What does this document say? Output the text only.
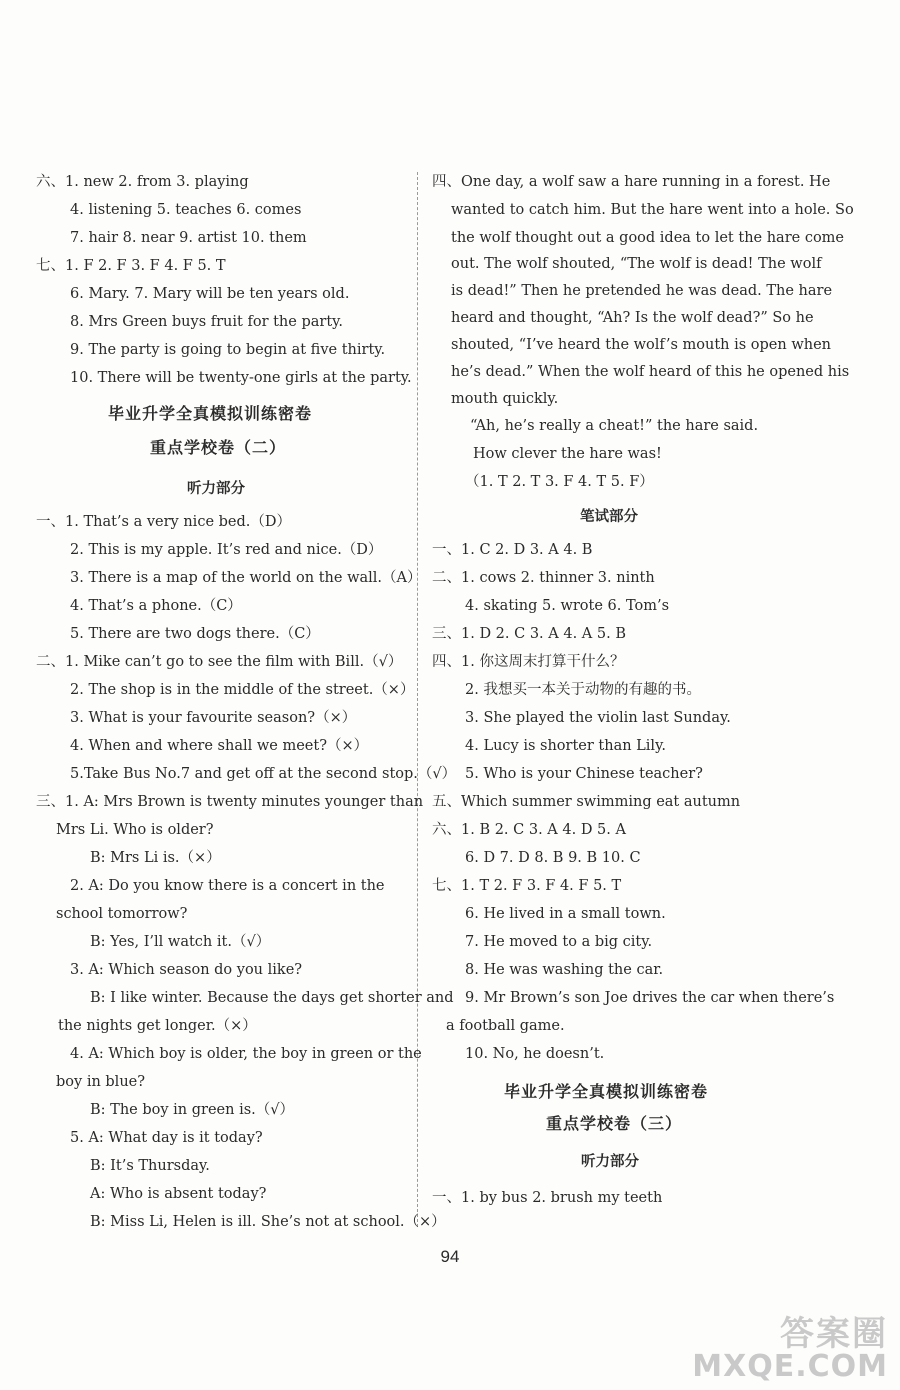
六、1. new 2. from 3. playing
4. listening 5. teaches 6. comes
7. hair 8. near 9. artist 10. them
七、1. F 2. F 3. F 4. F 5. T
6. Mary. 7. Mary will be ten years old.
8. Mrs Green buys fruit for the party.
9. The party is going to begin at five thirty.
10. There will be twenty-one girls at the party.
一、1. That’s a very nice bed.（D）
2. This is my apple. It’s red and nice.（D）
3. There is a map of the world on the wall.（A）
4. That’s a phone.（C）
5. There are two dogs there.（C）
二、1. Mike can’t go to see the film with Bill.（√）
2. The shop is in the middle of the street.（×）
3. What is your favourite season?（×）
4. When and where shall we meet?（×）
5.Take Bus No.7 and get off at the second stop.（√）
三、1. A: Mrs Brown is twenty minutes younger than
Mrs Li. Who is older?
B: Mrs Li is.（×）
2. A: Do you know there is a concert in the
school tomorrow?
B: Yes, I’ll watch it.（√）
3. A: Which season do you like?
B: I like winter. Because the days get shorter and
the nights get longer.（×）
4. A: Which boy is older, the boy in green or the
boy in blue?
B: The boy in green is.（√）
5. A: What day is it today?
B: It’s Thursday.
A: Who is absent today?
B: Miss Li, Helen is ill. She’s not at school.（×）
毕业升学全真模拟训练密卷
重点学校卷（二）
听力部分
四、One day, a wolf saw a hare running in a forest. He
wanted to catch him. But the hare went into a hole. So
the wolf thought out a good idea to let the hare come
out. The wolf shouted, “The wolf is dead! The wolf
is dead!” Then he pretended he was dead. The hare
heard and thought, “Ah? Is the wolf dead?” So he
shouted, “I’ve heard the wolf’s mouth is open when
he’s dead.” When the wolf heard of this he opened his
mouth quickly.
“Ah, he’s really a cheat!” the hare said.
How clever the hare was!
（1. T 2. T 3. F 4. T 5. F）
一、1. C 2. D 3. A 4. B
二、1. cows 2. thinner 3. ninth
4. skating 5. wrote 6. Tom’s
三、1. D 2. C 3. A 4. A 5. B
四、1. 你这周末打算干什么？
2. 我想买一本关于动物的有趣的书。
3. She played the violin last Sunday.
4. Lucy is shorter than Lily.
5. Who is your Chinese teacher?
五、Which summer swimming eat autumn
六、1. B 2. C 3. A 4. D 5. A
6. D 7. D 8. B 9. B 10. C
七、1. T 2. F 3. F 4. F 5. T
6. He lived in a small town.
7. He moved to a big city.
8. He was washing the car.
9. Mr Brown’s son Joe drives the car when there’s
a football game.
10. No, he doesn’t.
一、1. by bus 2. brush my teeth
笔试部分
毕业升学全真模拟训练密卷
重点学校卷（三）
听力部分
94
答案圈
MXQE.COM
